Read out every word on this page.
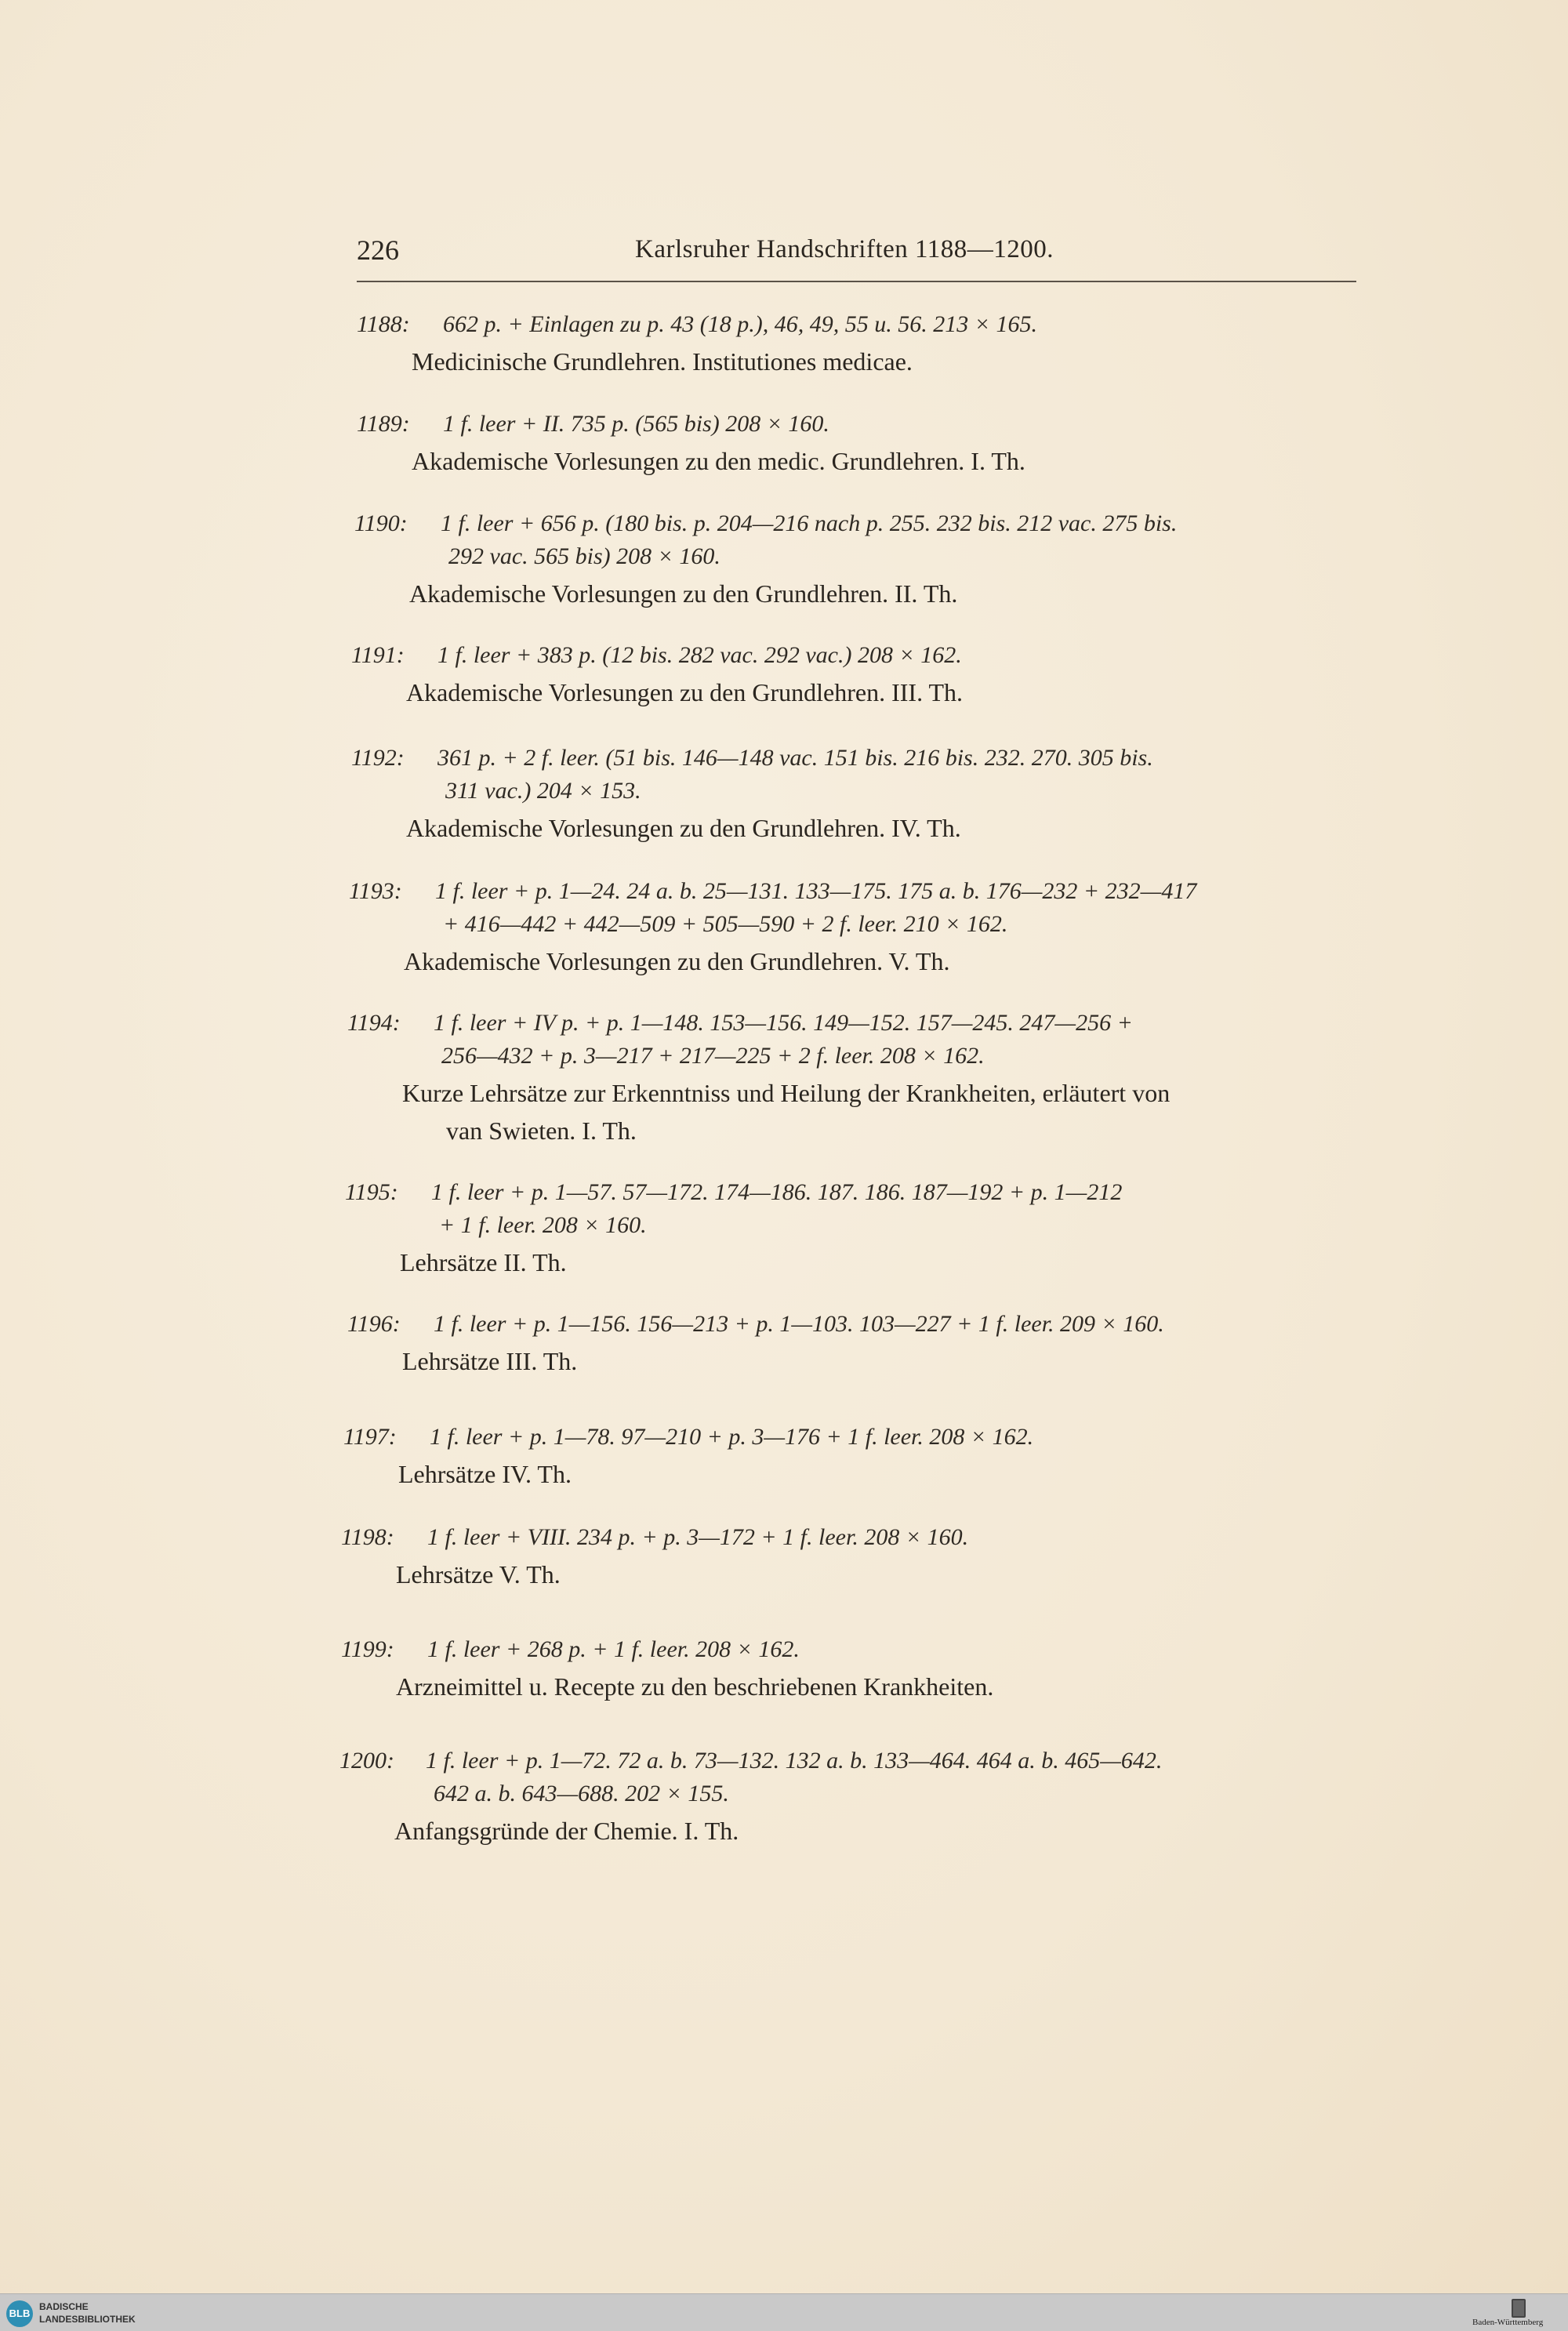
226	Karlsruher Handschriften 1188—1200.

1188: 662 p. + Einlagen zu p. 43 (18 p.), 46, 49, 55 u. 56. 213 × 165.

Medicinische Grundlehren. Institutiones medicae.

1189: 1 f. leer + II. 735 p. (565 bis) 208 × 160.

Akademische Vorlesungen zu den medic. Grundlehren. I. Th.

1190: 1 f. leer + 656 p. (180 bis. p. 204—216 nach p. 255. 232 bis. 212 vac. 275 bis.
292 vac. 565 bis) 208 × 160.

Akademische Vorlesungen zu den Grundlehren. II. Th.

1191: 1 f. leer + 383 p. (12 bis. 282 vac. 292 vac.) 208 × 162.

Akademische Vorlesungen zu den Grundlehren. III. Th.

1192: 361 p. + 2 f. leer. (51 bis. 146—148 vac. 151 bis. 216 bis. 232. 270. 305 bis.
311 vac.) 204 × 153.

Akademische Vorlesungen zu den Grundlehren. IV. Th.

1193: 1 f. leer + p. 1—24. 24 a. b. 25—131. 133—175. 175 a. b. 176—232 + 232—417
+ 416—442 + 442—509 + 505—590 + 2 f. leer. 210 × 162.

Akademische Vorlesungen zu den Grundlehren. V. Th.

1194: 1 f. leer + IV p. + p. 1—148. 153—156. 149—152. 157—245. 247—256 +
256—432 + p. 3—217 + 217—225 + 2 f. leer. 208 × 162.

Kurze Lehrsätze zur Erkenntniss und Heilung der Krankheiten, erläutert von
van Swieten. I. Th.

1195: 1 f. leer + p. 1—57. 57—172. 174—186. 187. 186. 187—192 + p. 1—212
+ 1 f. leer. 208 × 160.

Lehrsätze II. Th.

1196: 1 f. leer + p. 1—156. 156—213 + p. 1—103. 103—227 + 1 f. leer. 209 × 160.

Lehrsätze III. Th.

1197: 1 f. leer + p. 1—78. 97—210 + p. 3—176 + 1 f. leer. 208 × 162.

Lehrsätze IV. Th.

1198: 1 f. leer + VIII. 234 p. + p. 3—172 + 1 f. leer. 208 × 160.

Lehrsätze V. Th.

1199: 1 f. leer + 268 p. + 1 f. leer. 208 × 162.

Arzneimittel u. Recepte zu den beschriebenen Krankheiten.

1200: 1 f. leer + p. 1—72. 72 a. b. 73—132. 132 a. b. 133—464. 464 a. b. 465—642.
642 a. b. 643—688. 202 × 155.

Anfangsgründe der Chemie. I. Th.

BLB
BADISCHE
LANDESBIBLIOTHEK	Baden-Württemberg
